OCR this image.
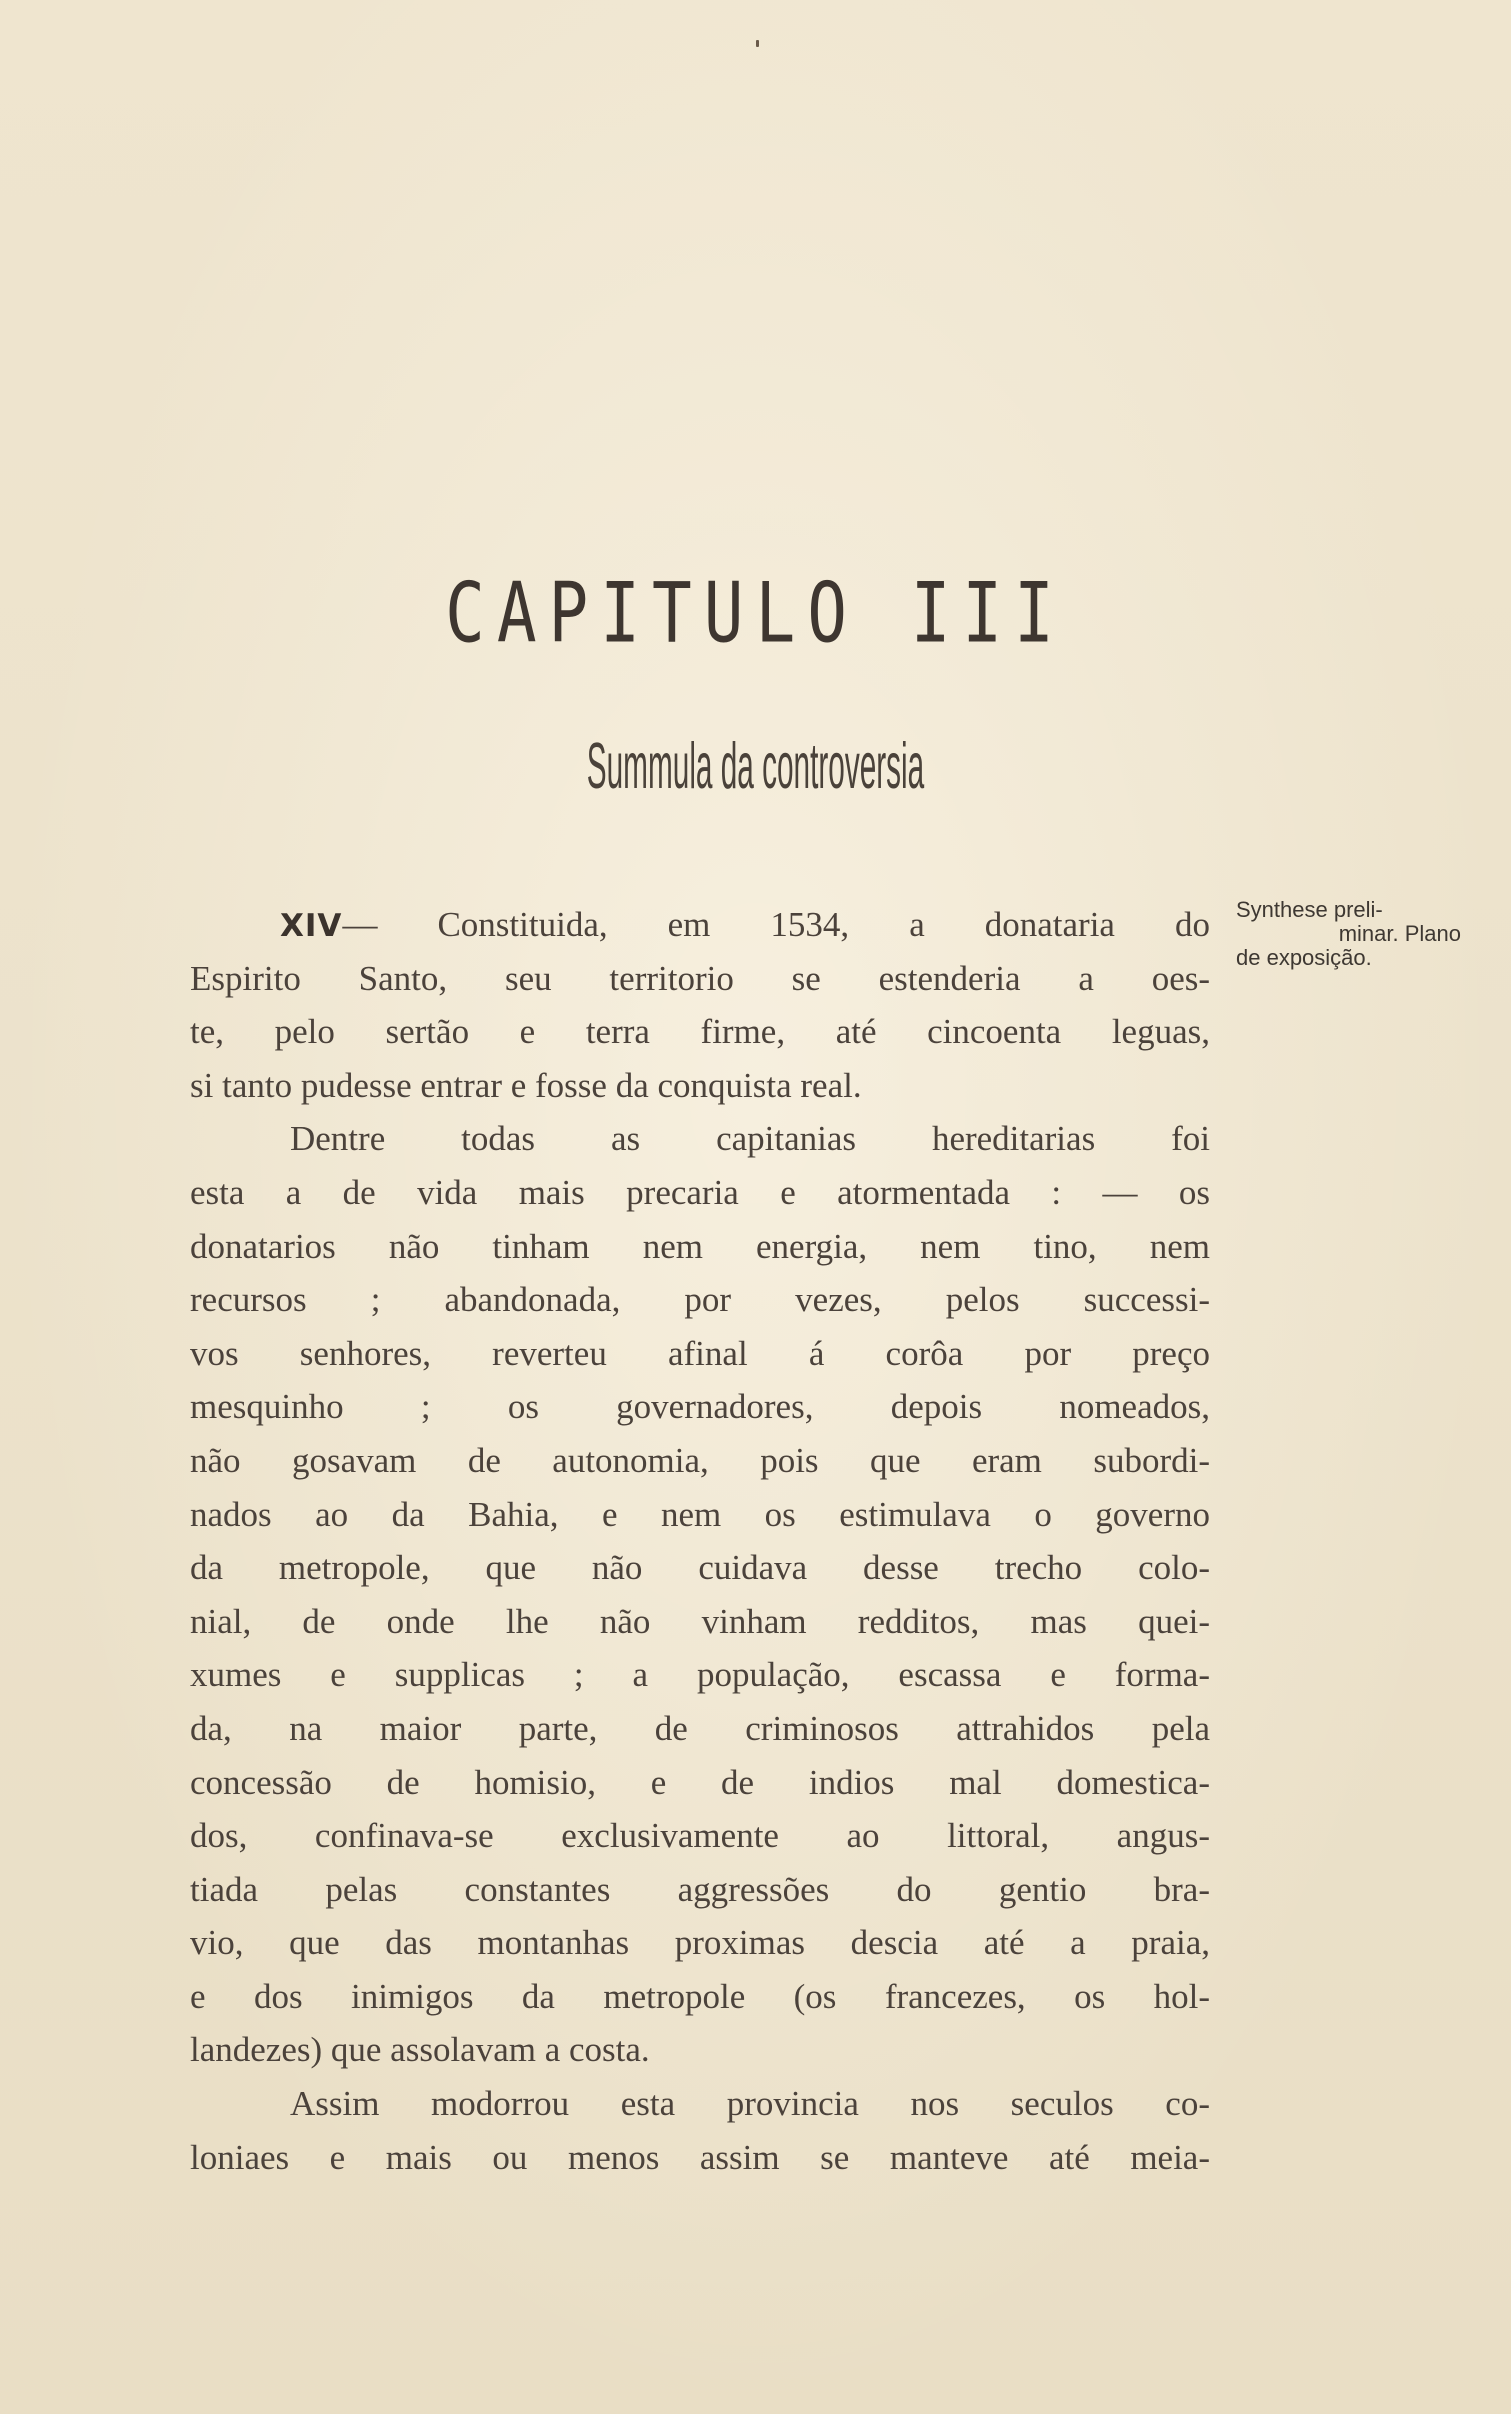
CAPITULO III
Summula da controversia
XIV— Constituida, em 1534, a donataria do
Espirito Santo, seu territorio se estenderia a oes-
te, pelo sertão e terra firme, até cincoenta leguas,
si tanto pudesse entrar e fosse da conquista real.
Dentre todas as capitanias hereditarias foi
esta a de vida mais precaria e atormentada : — os
donatarios não tinham nem energia, nem tino, nem
recursos ; abandonada, por vezes, pelos successi-
vos senhores, reverteu afinal á corôa por preço
mesquinho ; os governadores, depois nomeados,
não gosavam de autonomia, pois que eram subordi-
nados ao da Bahia, e nem os estimulava o governo
da metropole, que não cuidava desse trecho colo-
nial, de onde lhe não vinham redditos, mas quei-
xumes e supplicas ; a população, escassa e forma-
da, na maior parte, de criminosos attrahidos pela
concessão de homisio, e de indios mal domestica-
dos, confinava-se exclusivamente ao littoral, angus-
tiada pelas constantes aggressões do gentio bra-
vio, que das montanhas proximas descia até a praia,
e dos inimigos da metropole (os francezes, os hol-
landezes) que assolavam a costa.
Assim modorrou esta provincia nos seculos co-
loniaes e mais ou menos assim se manteve até meia-
Synthese preli-
minar. Plano
de exposição.
